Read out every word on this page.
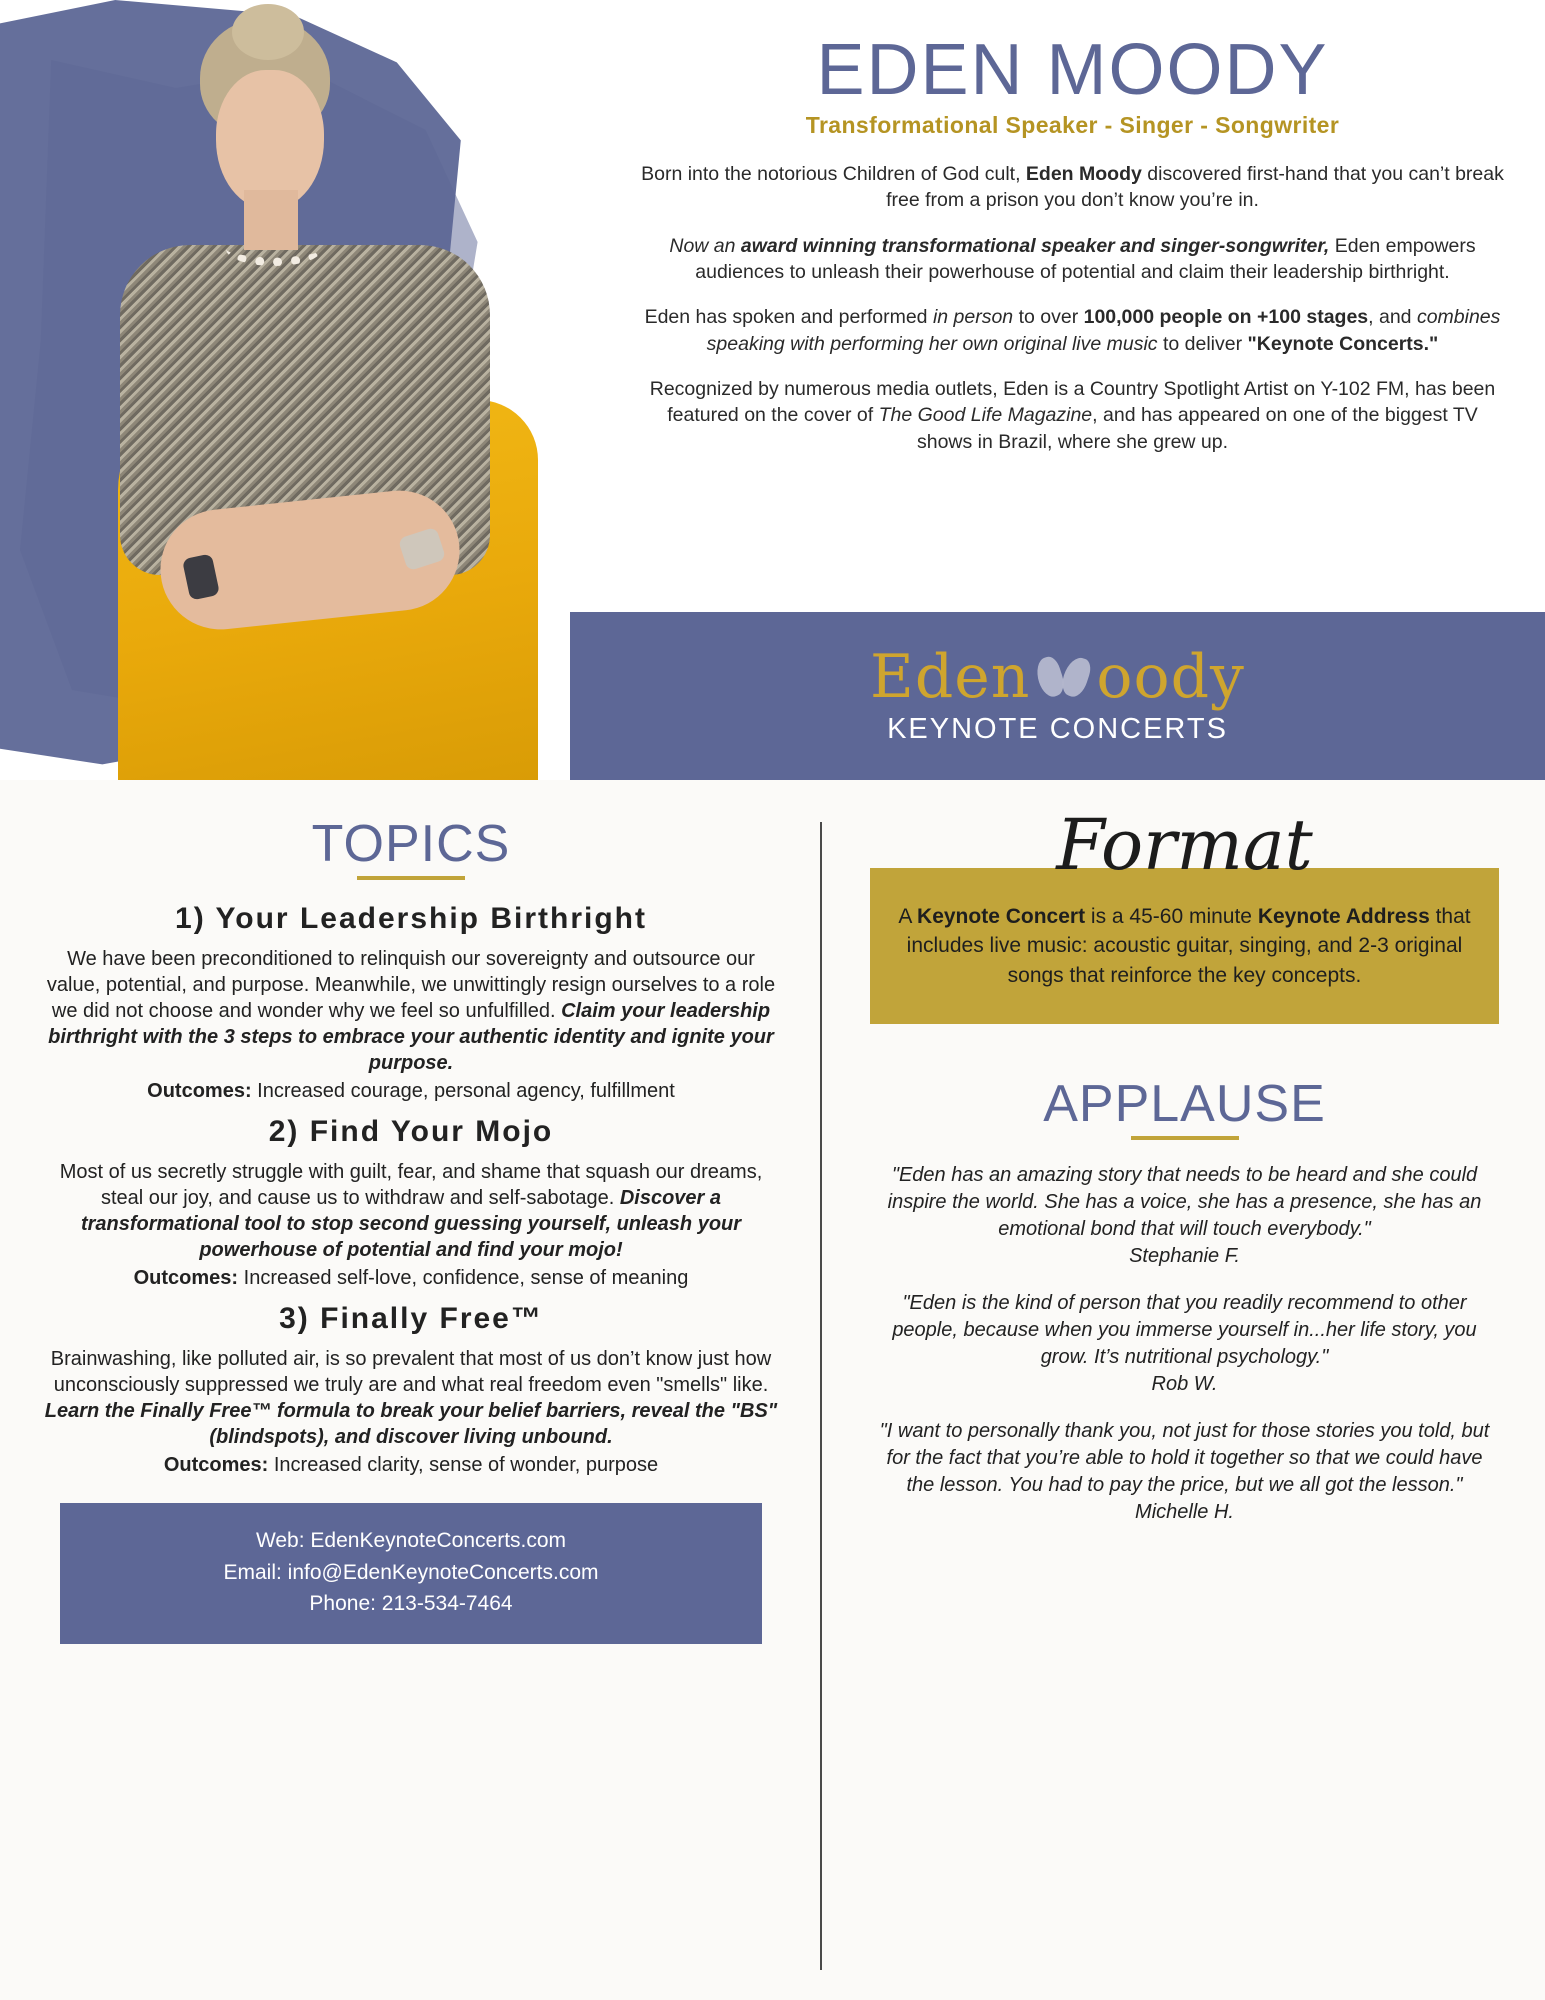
EDEN MOODY
Transformational Speaker - Singer - Songwriter

Born into the notorious Children of God cult, Eden Moody discovered first-hand that you can’t break free from a prison you don’t know you’re in.

Now an award winning transformational speaker and singer-songwriter, Eden empowers audiences to unleash their powerhouse of potential and claim their leadership birthright.

Eden has spoken and performed in person to over 100,000 people on +100 stages, and combines speaking with performing her own original live music to deliver "Keynote Concerts."

Recognized by numerous media outlets, Eden is a Country Spotlight Artist on Y-102 FM, has been featured on the cover of The Good Life Magazine, and has appeared on one of the biggest TV shows in Brazil, where she grew up.

Eden oody
KEYNOTE CONCERTS
TOPICS
1) Your Leadership Birthright

We have been preconditioned to relinquish our sovereignty and outsource our value, potential, and purpose. Meanwhile, we unwittingly resign ourselves to a role we did not choose and wonder why we feel so unfulfilled. Claim your leadership birthright with the 3 steps to embrace your authentic identity and ignite your purpose.

Outcomes: Increased courage, personal agency, fulfillment
2) Find Your Mojo

Most of us secretly struggle with guilt, fear, and shame that squash our dreams, steal our joy, and cause us to withdraw and self-sabotage. Discover a transformational tool to stop second guessing yourself, unleash your powerhouse of potential and find your mojo!

Outcomes: Increased self-love, confidence, sense of meaning
3) Finally Free™

Brainwashing, like polluted air, is so prevalent that most of us don’t know just how unconsciously suppressed we truly are and what real freedom even "smells" like. Learn the Finally Free™ formula to break your belief barriers, reveal the "BS" (blindspots), and discover living unbound.

Outcomes: Increased clarity, sense of wonder, purpose
Web: EdenKeynoteConcerts.com
Email: info@EdenKeynoteConcerts.com
Phone: 213-534-7464
Format
A Keynote Concert is a 45-60 minute Keynote Address that includes live music: acoustic guitar, singing, and 2-3 original songs that reinforce the key concepts.
APPLAUSE
"Eden has an amazing story that needs to be heard and she could inspire the world. She has a voice, she has a presence, she has an emotional bond that will touch everybody."
Stephanie F.
"Eden is the kind of person that you readily recommend to other people, because when you immerse yourself in...her life story, you grow. It’s nutritional psychology."
Rob W.
"I want to personally thank you, not just for those stories you told, but for the fact that you’re able to hold it together so that we could have the lesson. You had to pay the price, but we all got the lesson."
Michelle H.
